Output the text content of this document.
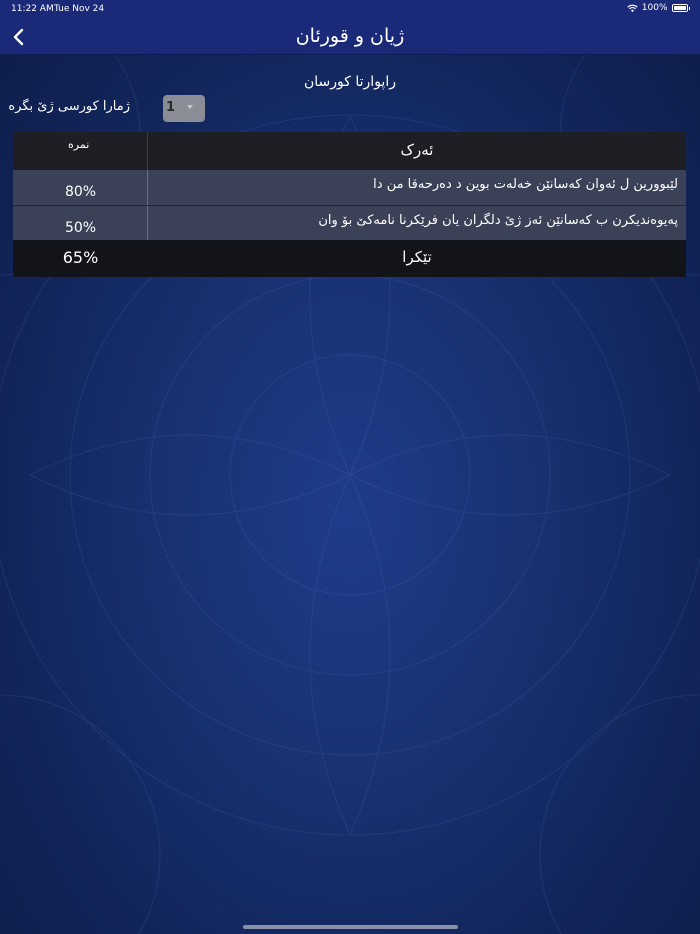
11:22 AM Tue Nov 24	100%
ژیان و قورئان
راپوارتا کورسان
ژمارا کورسی ژێ بگرە	1
نمرە	ئەرک
80%	لێبوورین ل ئەوان کەسانێن خەلەت بوین د دەرحەقا من دا
50%	پەیوەندیکرن ب کەسانێن ئەز ژێ دلگران یان فرێکرنا نامەکێ بۆ وان
65%	تێکرا
